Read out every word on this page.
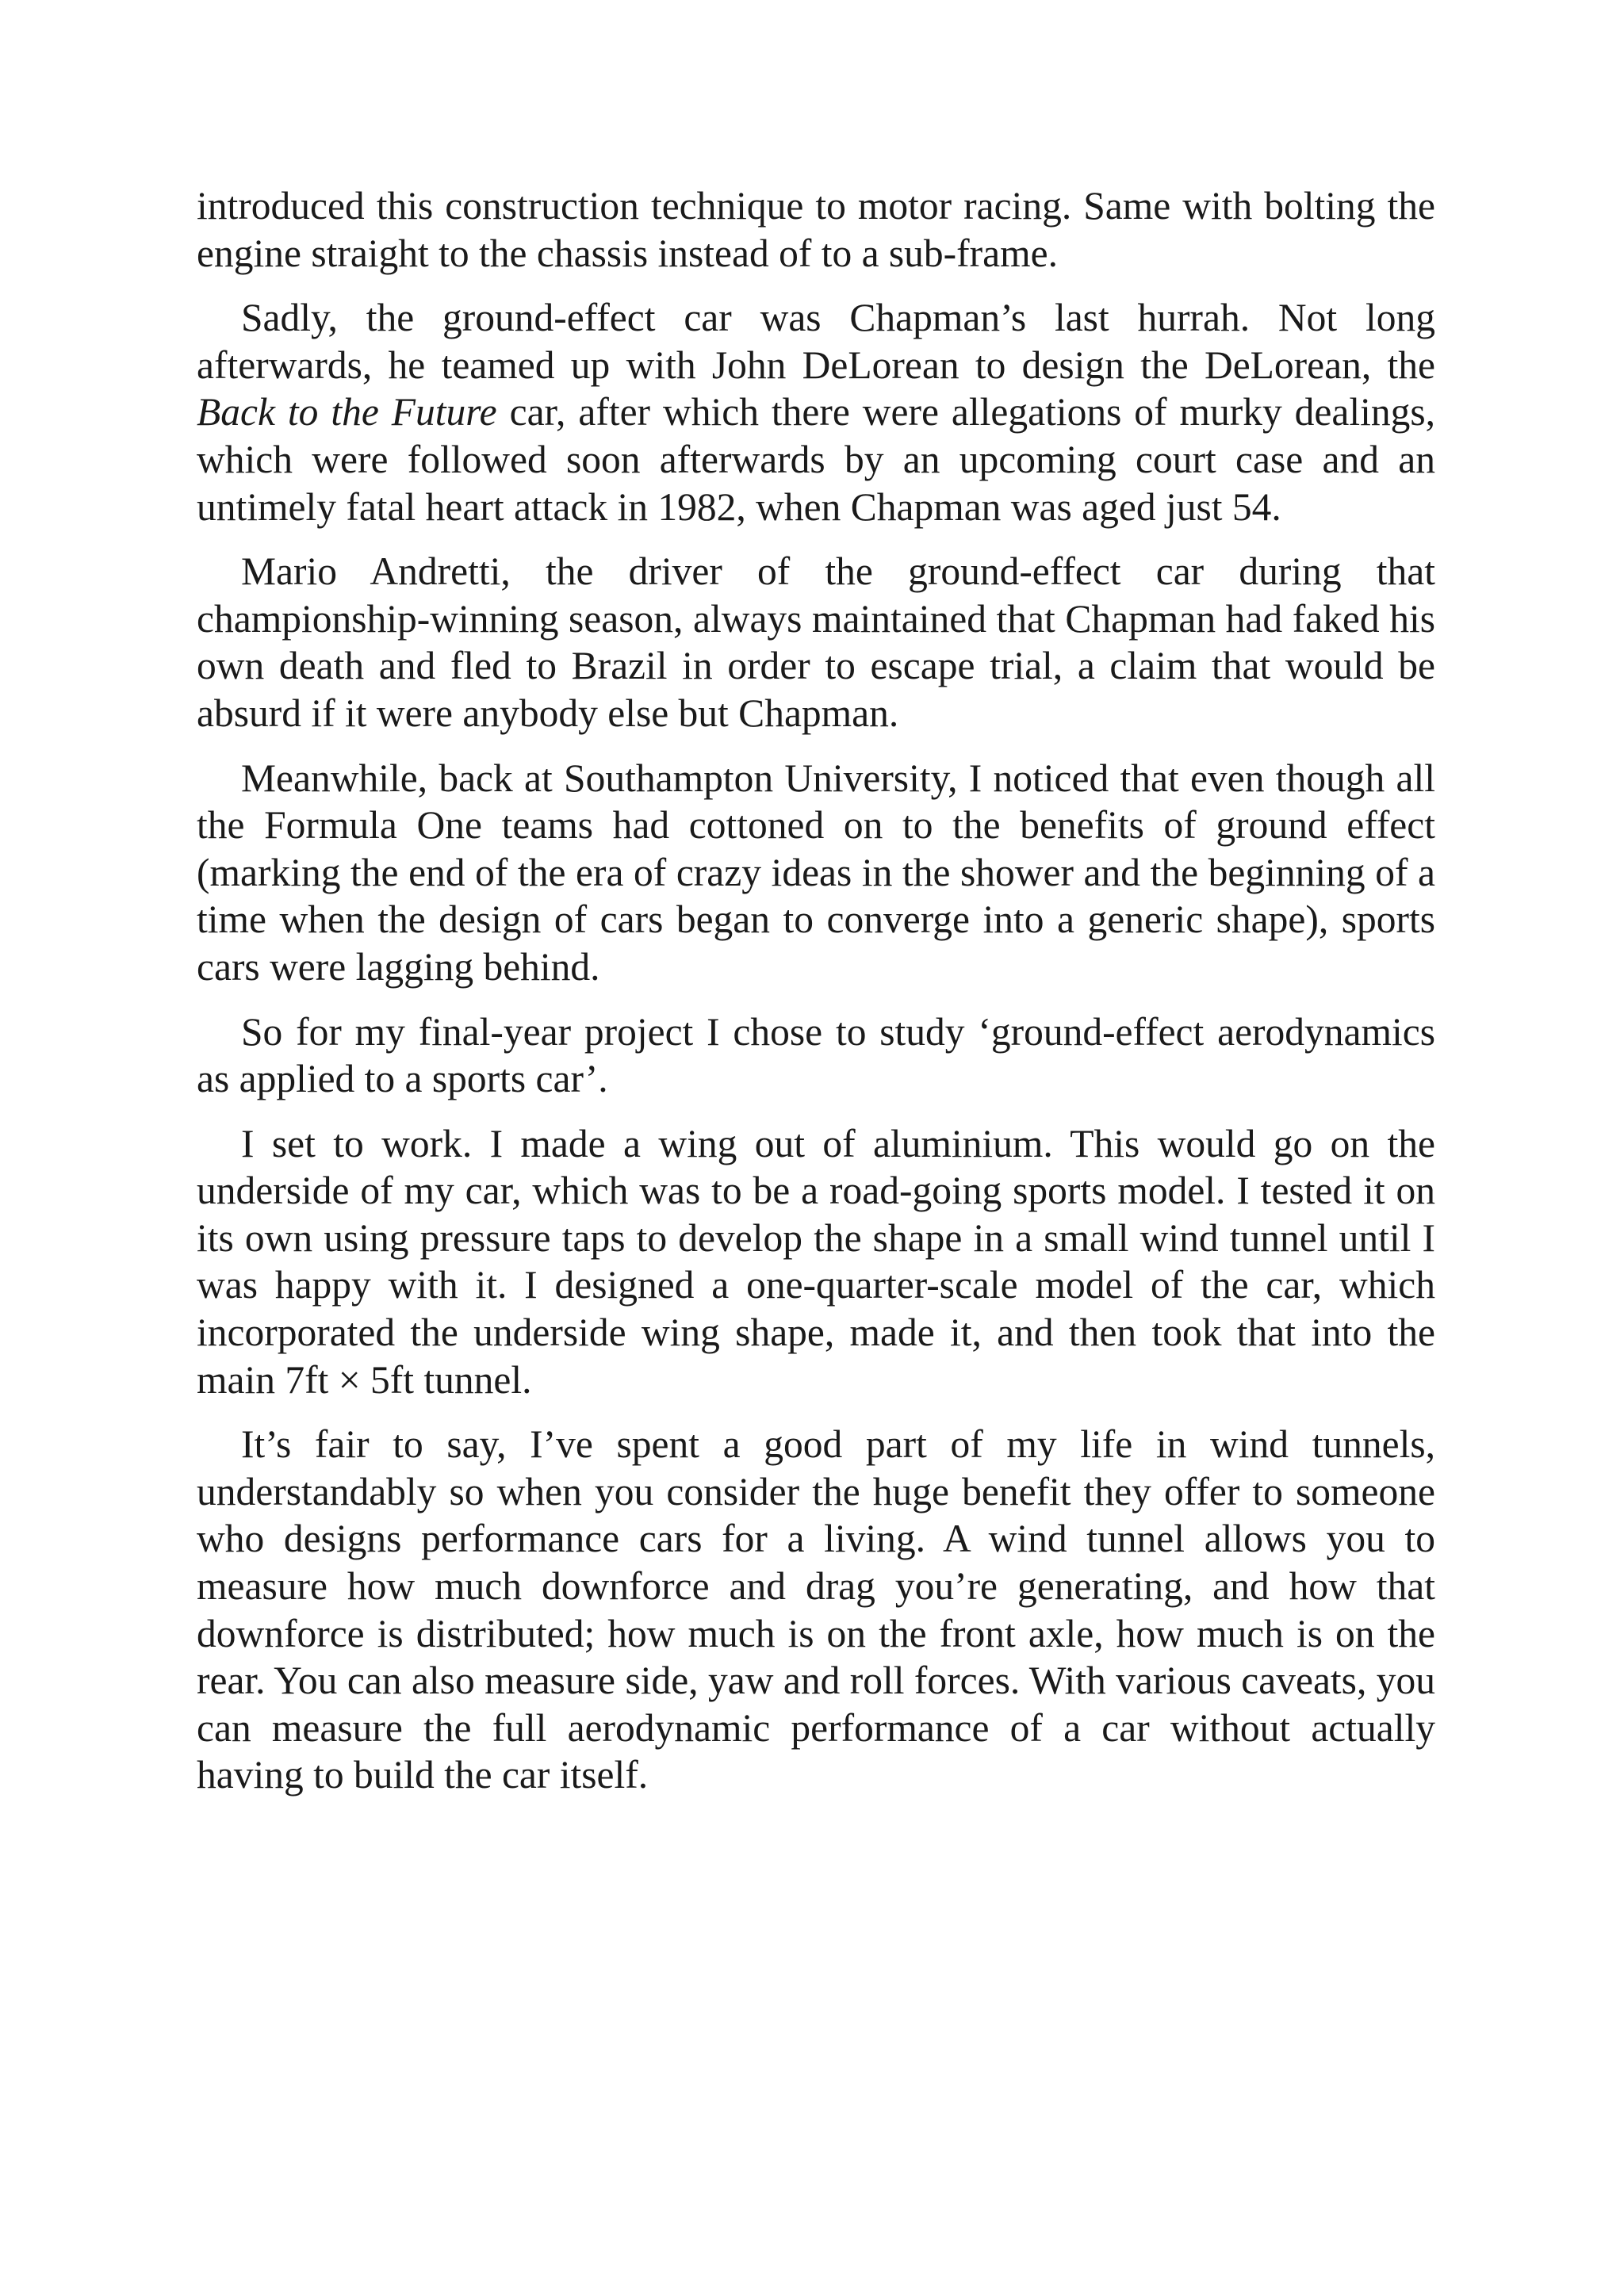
introduced this construction technique to motor racing. Same with bolting the engine straight to the chassis instead of to a sub-frame.

Sadly, the ground-effect car was Chapman’s last hurrah. Not long afterwards, he teamed up with John DeLorean to design the DeLorean, the Back to the Future car, after which there were allegations of murky dealings, which were followed soon afterwards by an upcoming court case and an untimely fatal heart attack in 1982, when Chapman was aged just 54.

Mario Andretti, the driver of the ground-effect car during that championship-winning season, always maintained that Chapman had faked his own death and fled to Brazil in order to escape trial, a claim that would be absurd if it were anybody else but Chapman.

Meanwhile, back at Southampton University, I noticed that even though all the Formula One teams had cottoned on to the benefits of ground effect (marking the end of the era of crazy ideas in the shower and the beginning of a time when the design of cars began to converge into a generic shape), sports cars were lagging behind.

So for my final-year project I chose to study ‘ground-effect aerodynamics as applied to a sports car’.

I set to work. I made a wing out of aluminium. This would go on the underside of my car, which was to be a road-going sports model. I tested it on its own using pressure taps to develop the shape in a small wind tunnel until I was happy with it. I designed a one-quarter-scale model of the car, which incorporated the underside wing shape, made it, and then took that into the main 7ft × 5ft tunnel.

It’s fair to say, I’ve spent a good part of my life in wind tunnels, understandably so when you consider the huge benefit they offer to someone who designs performance cars for a living. A wind tunnel allows you to measure how much downforce and drag you’re generating, and how that downforce is distributed; how much is on the front axle, how much is on the rear. You can also measure side, yaw and roll forces. With various caveats, you can measure the full aerodynamic performance of a car without actually having to build the car itself.
